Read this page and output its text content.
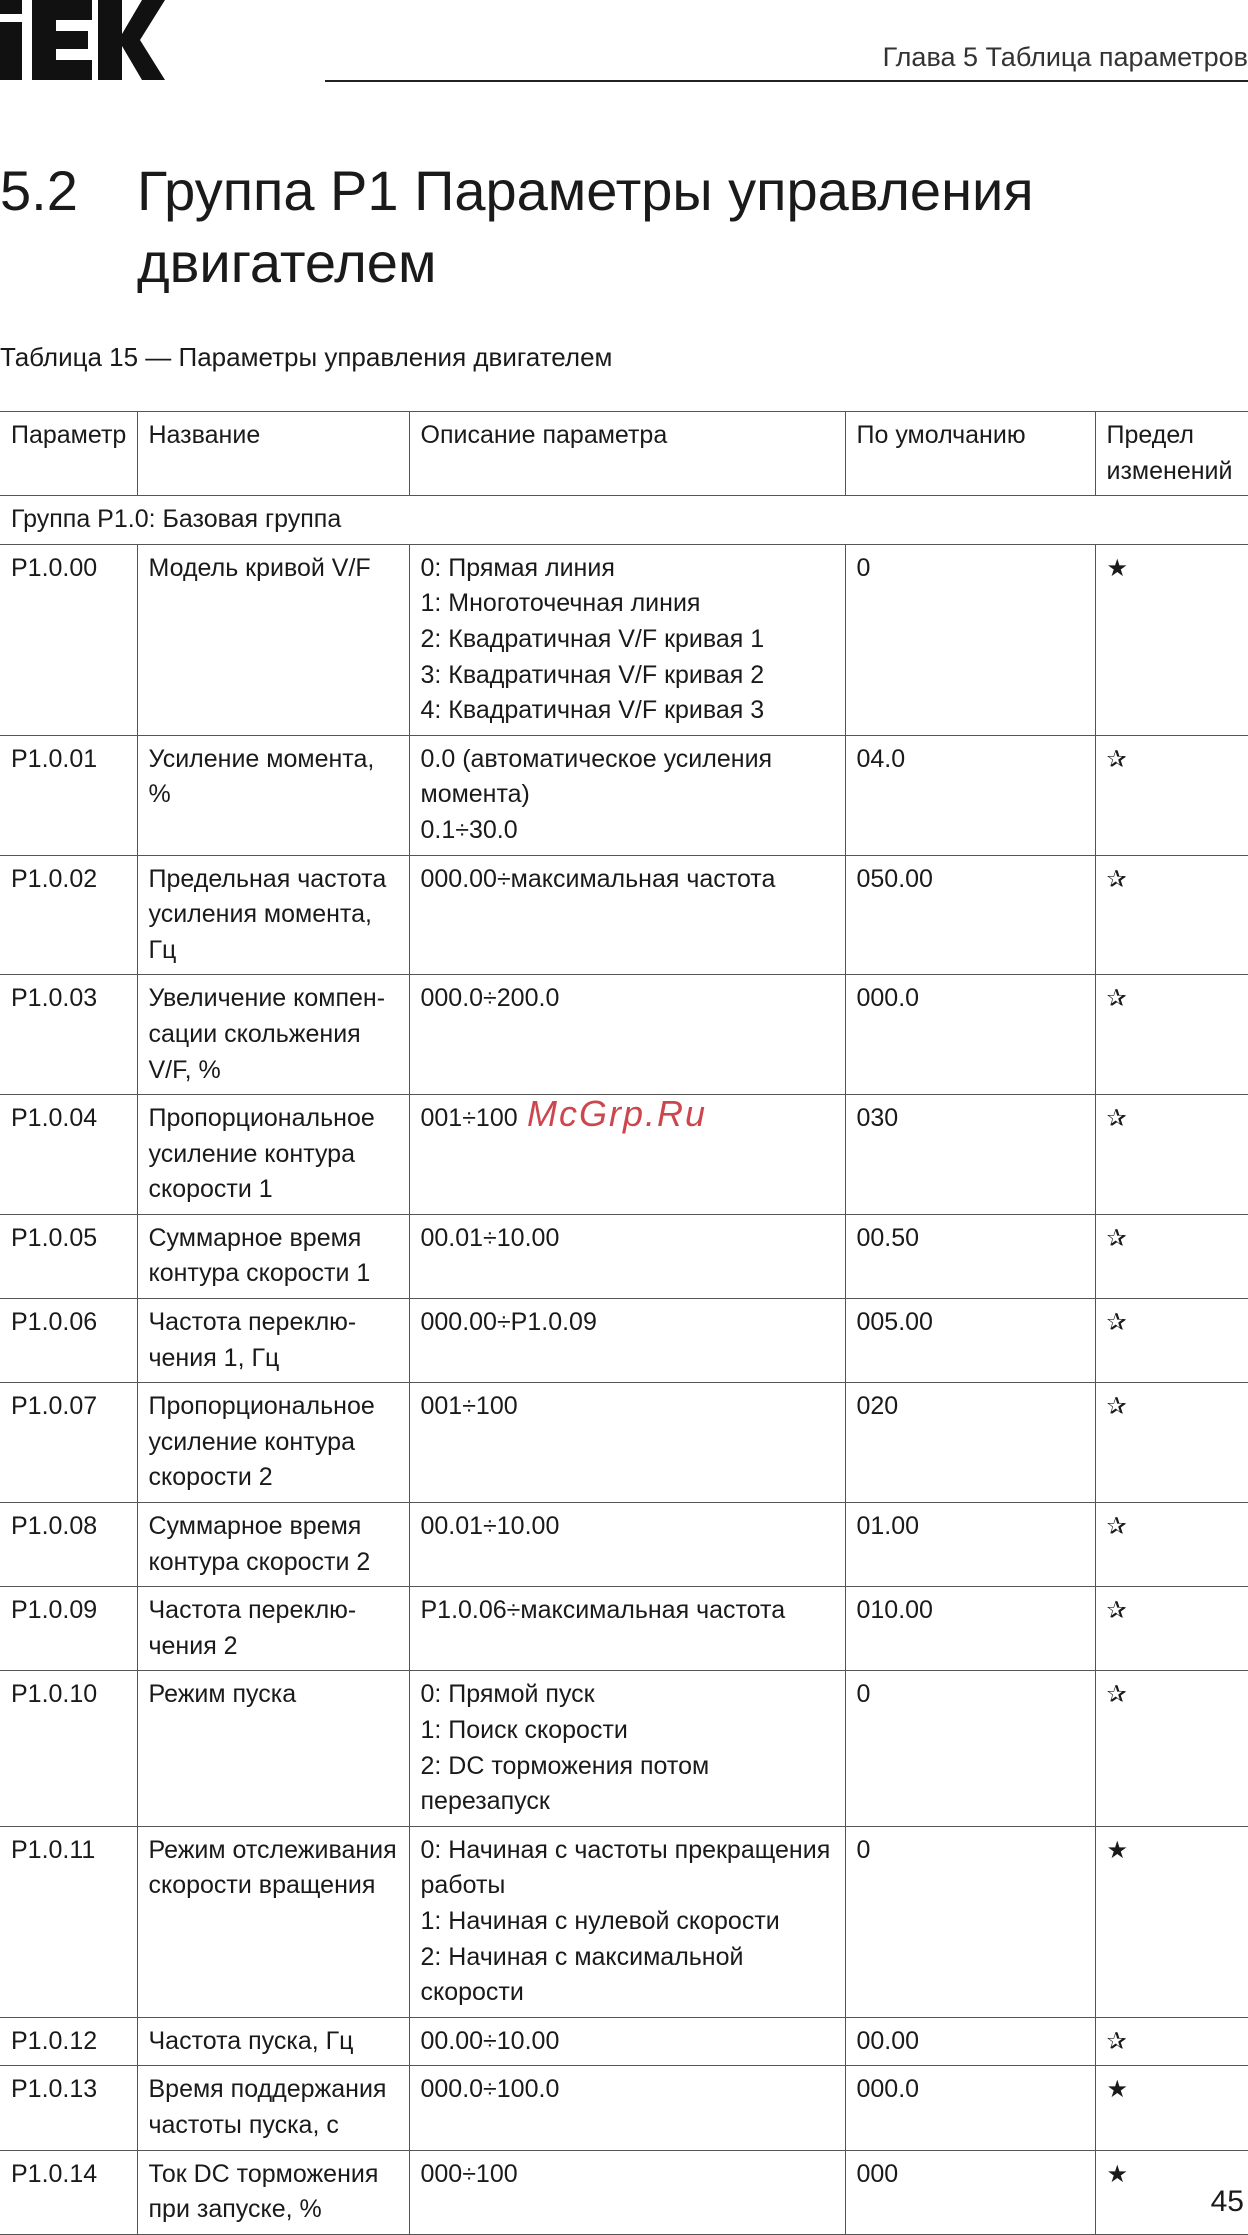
Глава 5 Таблица параметров
5.2	Группа P1 Параметры управления двигателем
Таблица 15 — Параметры управления двигателем
Параметр	Название	Описание параметра	По умолчанию	Предел изменений
Группа P1.0: Базовая группа				
P1.0.00	Модель кривой V/F	0: Прямая линия
1: Многоточечная линия
2: Квадратичная V/F кривая 1
3: Квадратичная V/F кривая 2
4: Квадратичная V/F кривая 3	0	★
P1.0.01	Усиление момента, %	0.0 (автоматическое усиления момента)
0.1÷30.0	04.0	✰
P1.0.02	Предельная частота усиления момента, Гц	000.00÷максимальная частота	050.00	✰
P1.0.03	Увеличение компен-сации скольжения V/F, %	000.0÷200.0	000.0	✰
P1.0.04	Пропорциональное усиление контура скорости 1	001÷100	030	✰
P1.0.05	Суммарное время контура скорости 1	00.01÷10.00	00.50	✰
P1.0.06	Частота переклю-чения 1, Гц	000.00÷P1.0.09	005.00	✰
P1.0.07	Пропорциональное усиление контура скорости 2	001÷100	020	✰
P1.0.08	Суммарное время контура скорости 2	00.01÷10.00	01.00	✰
P1.0.09	Частота переклю-чения 2	P1.0.06÷максимальная частота	010.00	✰
P1.0.10	Режим пуска	0: Прямой пуск
1: Поиск скорости
2: DC торможения потом перезапуск	0	✰
P1.0.11	Режим отслеживания скорости вращения	0: Начиная с частоты прекращения работы
1: Начиная с нулевой скорости
2: Начиная с максимальной скорости	0	★
P1.0.12	Частота пуска, Гц	00.00÷10.00	00.00	✰
P1.0.13	Время поддержания частоты пуска, с	000.0÷100.0	000.0	★
P1.0.14	Ток DC торможения при запуске, %	000÷100	000	★
McGrp.Ru
45
